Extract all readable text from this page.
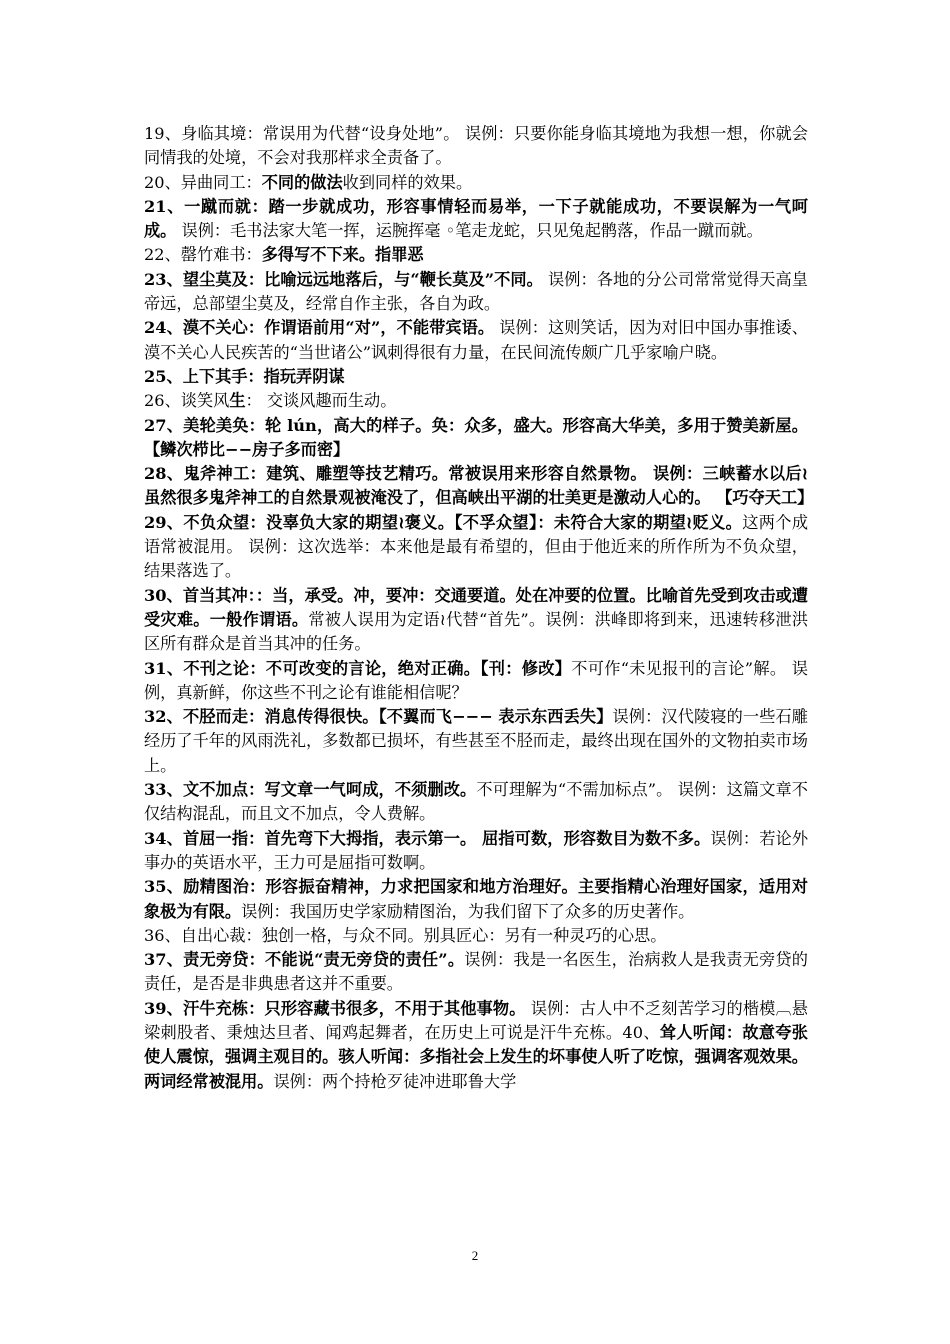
19、身临其境：常误用为代替“设身处地”。 误例：只要你能身临其境地为我想一想，你就会同情我的处境，不会对我那样求全责备了。

20、异曲同工：不同的做法收到同样的效果。

21、一蹴而就：踏一步就成功，形容事情轻而易举，一下子就能成功，不要误解为一气呵成。 误例：毛书法家大笔一挥，运腕挥毫 ◦笔走龙蛇，只见兔起鹘落，作品一蹴而就。

22、罄竹难书：多得写不下来。指罪恶

23、望尘莫及：比喻远远地落后，与“鞭长莫及”不同。 误例：各地的分公司常常觉得天高皇帝远，总部望尘莫及，经常自作主张，各自为政。

24、漠不关心：作谓语前用“对”，不能带宾语。 误例：这则笑话，因为对旧中国办事推诿、漠不关心人民疾苦的“当世诸公”讽刺得很有力量，在民间流传颇广几乎家喻户晓。

25、上下其手：指玩弄阴谋

26、谈笑风生： 交谈风趣而生动。

27、美轮美奂：轮 lún，高大的样子。奂：众多，盛大。形容高大华美，多用于赞美新屋。【鳞次栉比−−房子多而密】

28、鬼斧神工：建筑、雕塑等技艺精巧。常被误用来形容自然景物。 误例：三峡蓄水以后≀虽然很多鬼斧神工的自然景观被淹没了，但高峡出平湖的壮美更是激动人心的。 【巧夺天工】

29、不负众望：没辜负大家的期望≀褒义。【不孚众望】：未符合大家的期望≀贬义。这两个成语常被混用。 误例：这次选举：本来他是最有希望的，但由于他近来的所作所为不负众望，结果落选了。

30、首当其冲：：当，承受。冲，要冲：交通要道。处在冲要的位置。比喻首先受到攻击或遭受灾难。一般作谓语。常被人误用为定语≀代替“首先”。误例：洪峰即将到来，迅速转移泄洪区所有群众是首当其冲的任务。

31、不刊之论：不可改变的言论，绝对正确。【刊：修改】不可作“未见报刊的言论”解。 误例，真新鲜，你这些不刊之论有谁能相信呢？

32、不胫而走：消息传得很快。【不翼而飞−−− 表示东西丢失】误例：汉代陵寝的一些石雕经历了千年的风雨洗礼，多数都已损坏，有些甚至不胫而走，最终出现在国外的文物拍卖市场上。

33、文不加点：写文章一气呵成，不须删改。不可理解为“不需加标点”。 误例：这篇文章不仅结构混乱，而且文不加点，令人费解。

34、首屈一指：首先弯下大拇指，表示第一。 屈指可数，形容数目为数不多。误例：若论外事办的英语水平，王力可是屈指可数啊。

35、励精图治：形容振奋精神，力求把国家和地方治理好。主要指精心治理好国家，适用对象极为有限。误例：我国历史学家励精图治，为我们留下了众多的历史著作。

36、自出心裁：独创一格，与众不同。别具匠心：另有一种灵巧的心思。

37、责无旁贷：不能说“责无旁贷的责任”。误例：我是一名医生，治病救人是我责无旁贷的责任，是否是非典患者这并不重要。

39、汗牛充栋：只形容藏书很多，不用于其他事物。 误例：古人中不乏刻苦学习的楷模︹悬梁刺股者、秉烛达旦者、闻鸡起舞者，在历史上可说是汗牛充栋。40、耸人听闻：故意夸张使人震惊，强调主观目的。骇人听闻：多指社会上发生的坏事使人听了吃惊，强调客观效果。两词经常被混用。误例：两个持枪歹徒冲进耶鲁大学

2
